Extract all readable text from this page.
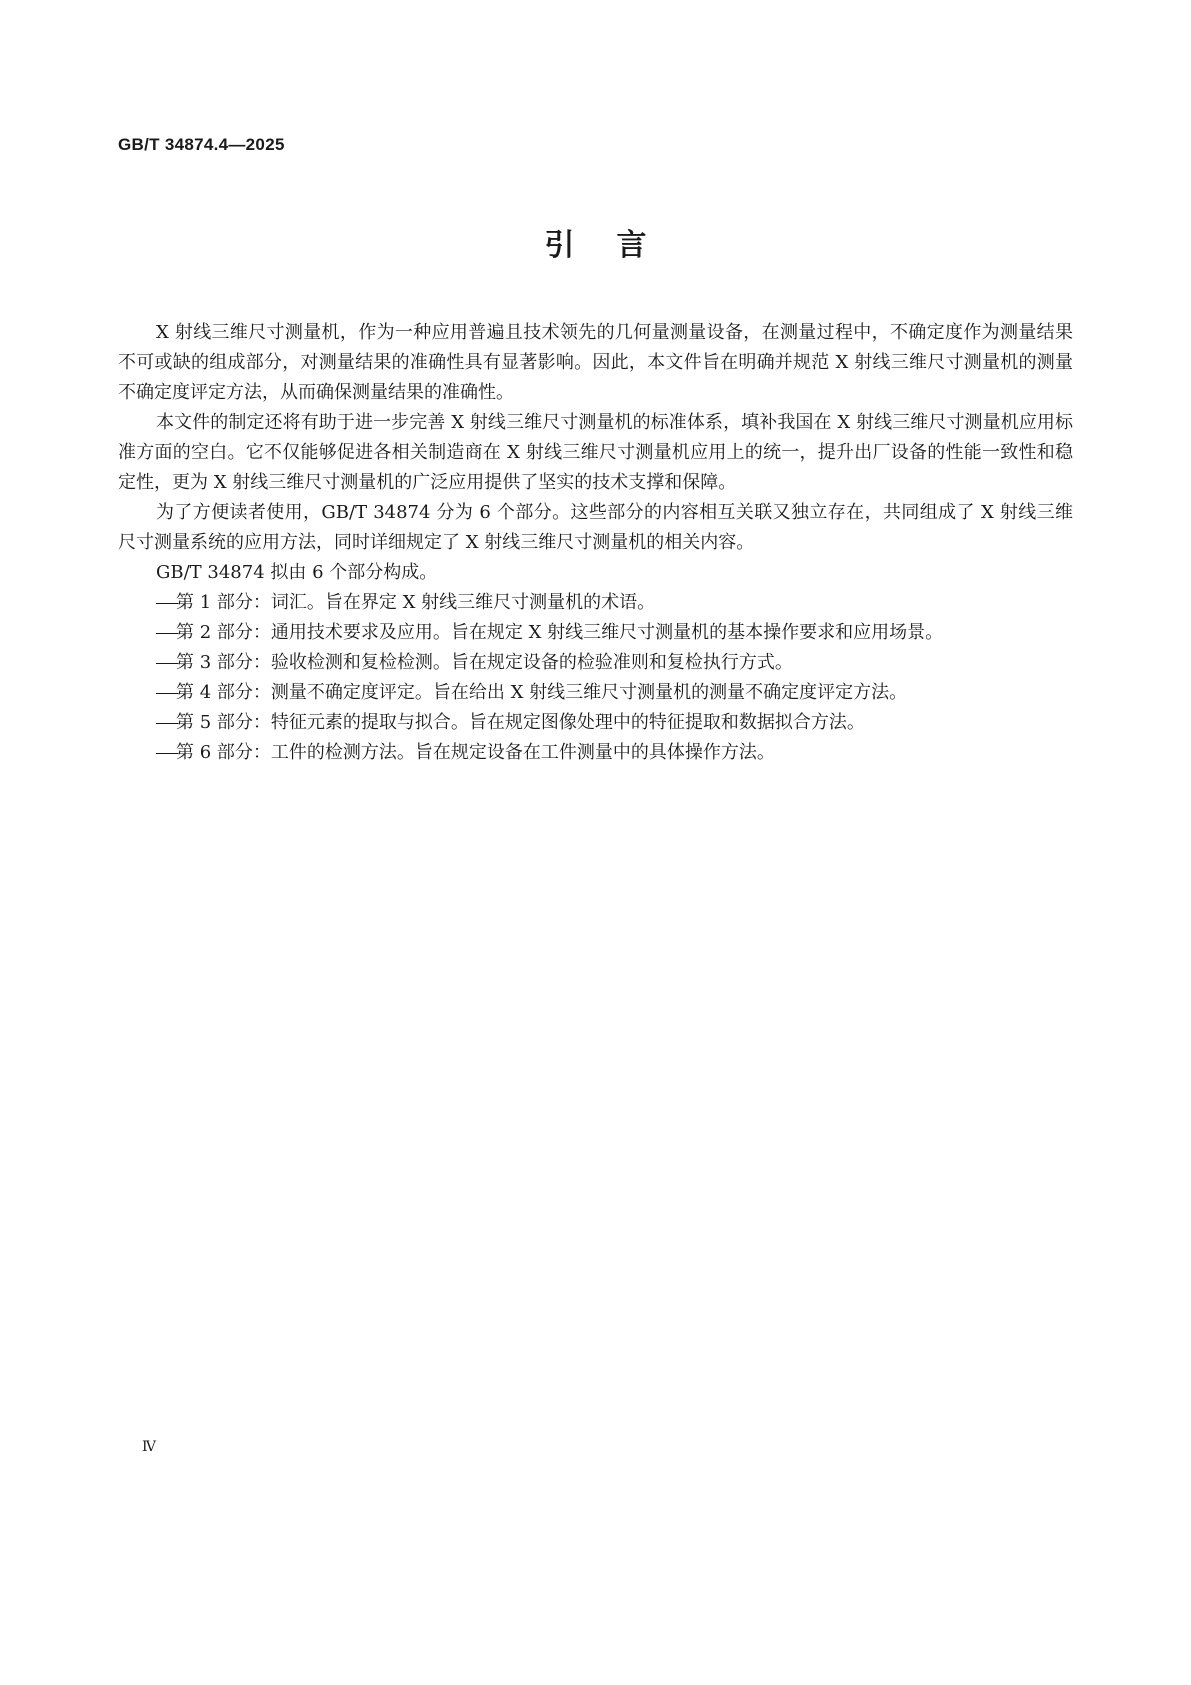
GB/T 34874.4—2025
引言

X 射线三维尺寸测量机，作为一种应用普遍且技术领先的几何量测量设备，在测量过程中，不确定度作为测量结果不可或缺的组成部分，对测量结果的准确性具有显著影响。因此，本文件旨在明确并规范 X 射线三维尺寸测量机的测量不确定度评定方法，从而确保测量结果的准确性。

本文件的制定还将有助于进一步完善 X 射线三维尺寸测量机的标准体系，填补我国在 X 射线三维尺寸测量机应用标准方面的空白。它不仅能够促进各相关制造商在 X 射线三维尺寸测量机应用上的统一，提升出厂设备的性能一致性和稳定性，更为 X 射线三维尺寸测量机的广泛应用提供了坚实的技术支撑和保障。

为了方便读者使用，GB/T 34874 分为 6 个部分。这些部分的内容相互关联又独立存在，共同组成了 X 射线三维尺寸测量系统的应用方法，同时详细规定了 X 射线三维尺寸测量机的相关内容。

GB/T 34874 拟由 6 个部分构成。

第 1 部分：词汇。旨在界定 X 射线三维尺寸测量机的术语。
第 2 部分：通用技术要求及应用。旨在规定 X 射线三维尺寸测量机的基本操作要求和应用场景。
第 3 部分：验收检测和复检检测。旨在规定设备的检验准则和复检执行方式。
第 4 部分：测量不确定度评定。旨在给出 X 射线三维尺寸测量机的测量不确定度评定方法。
第 5 部分：特征元素的提取与拟合。旨在规定图像处理中的特征提取和数据拟合方法。
第 6 部分：工件的检测方法。旨在规定设备在工件测量中的具体操作方法。
Ⅳ
